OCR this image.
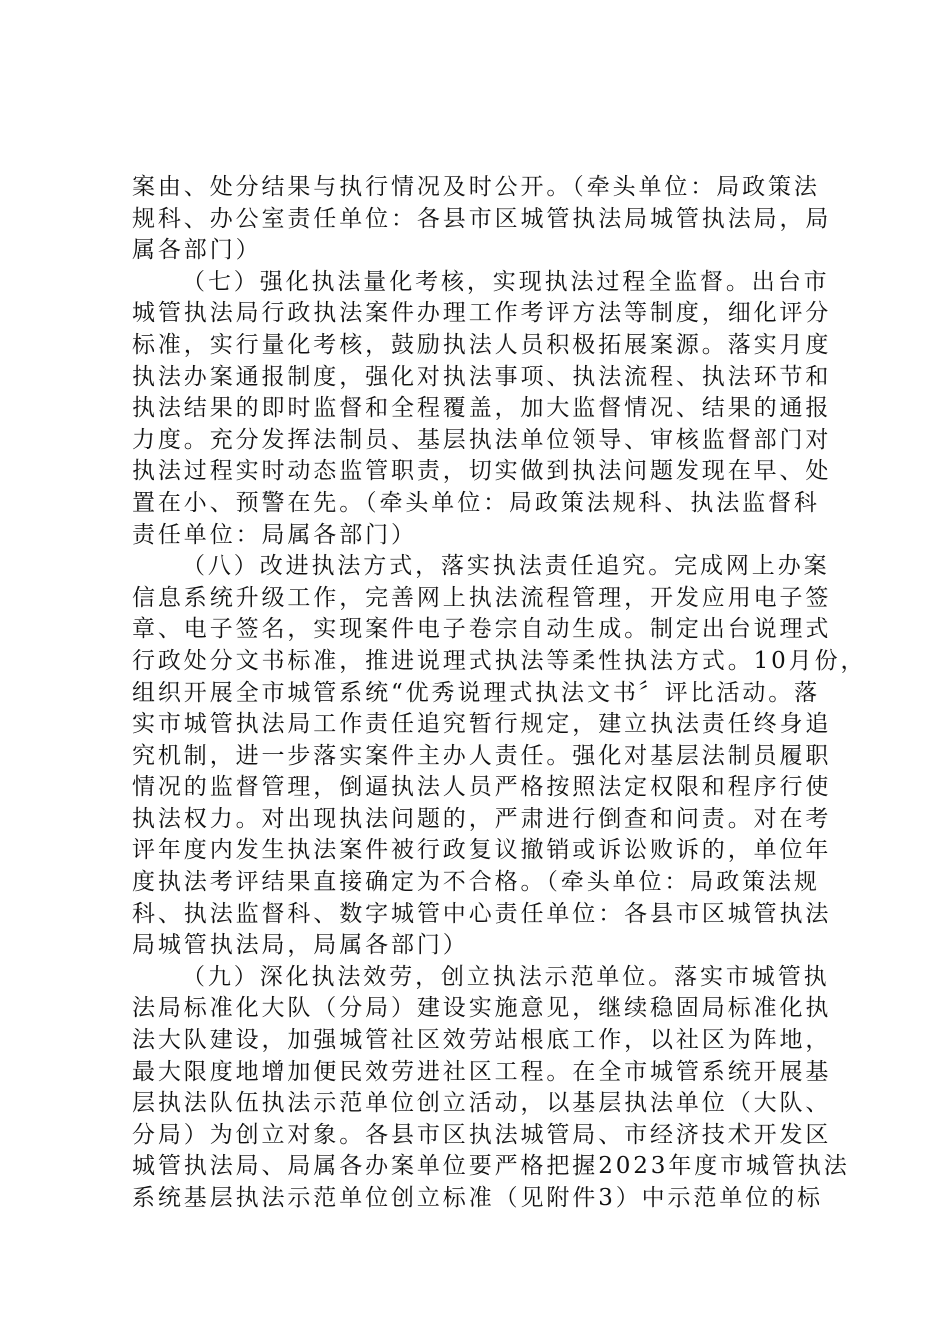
案由、处分结果与执行情况及时公开。（牵头单位：局政策法
规科、办公室责任单位：各县市区城管执法局城管执法局，局
属各部门）
（七）强化执法量化考核，实现执法过程全监督。出台市
城管执法局行政执法案件办理工作考评方法等制度，细化评分
标准，实行量化考核，鼓励执法人员积极拓展案源。落实月度
执法办案通报制度，强化对执法事项、执法流程、执法环节和
执法结果的即时监督和全程覆盖，加大监督情况、结果的通报
力度。充分发挥法制员、基层执法单位领导、审核监督部门对
执法过程实时动态监管职责，切实做到执法问题发现在早、处
置在小、预警在先。（牵头单位：局政策法规科、执法监督科
责任单位：局属各部门）
（八）改进执法方式，落实执法责任追究。完成网上办案
信息系统升级工作，完善网上执法流程管理，开发应用电子签
章、电子签名，实现案件电子卷宗自动生成。制定出台说理式
行政处分文书标准，推进说理式执法等柔性执法方式。10月份，
组织开展全市城管系统“优秀说理式执法文书〞评比活动。落
实市城管执法局工作责任追究暂行规定，建立执法责任终身追
究机制，进一步落实案件主办人责任。强化对基层法制员履职
情况的监督管理，倒逼执法人员严格按照法定权限和程序行使
执法权力。对出现执法问题的，严肃进行倒查和问责。对在考
评年度内发生执法案件被行政复议撤销或诉讼败诉的，单位年
度执法考评结果直接确定为不合格。（牵头单位：局政策法规
科、执法监督科、数字城管中心责任单位：各县市区城管执法
局城管执法局，局属各部门）
（九）深化执法效劳，创立执法示范单位。落实市城管执
法局标准化大队（分局）建设实施意见，继续稳固局标准化执
法大队建设，加强城管社区效劳站根底工作，以社区为阵地，
最大限度地增加便民效劳进社区工程。在全市城管系统开展基
层执法队伍执法示范单位创立活动，以基层执法单位（大队、
分局）为创立对象。各县市区执法城管局、市经济技术开发区
城管执法局、局属各办案单位要严格把握2023年度市城管执法
系统基层执法示范单位创立标准（见附件3）中示范单位的标
